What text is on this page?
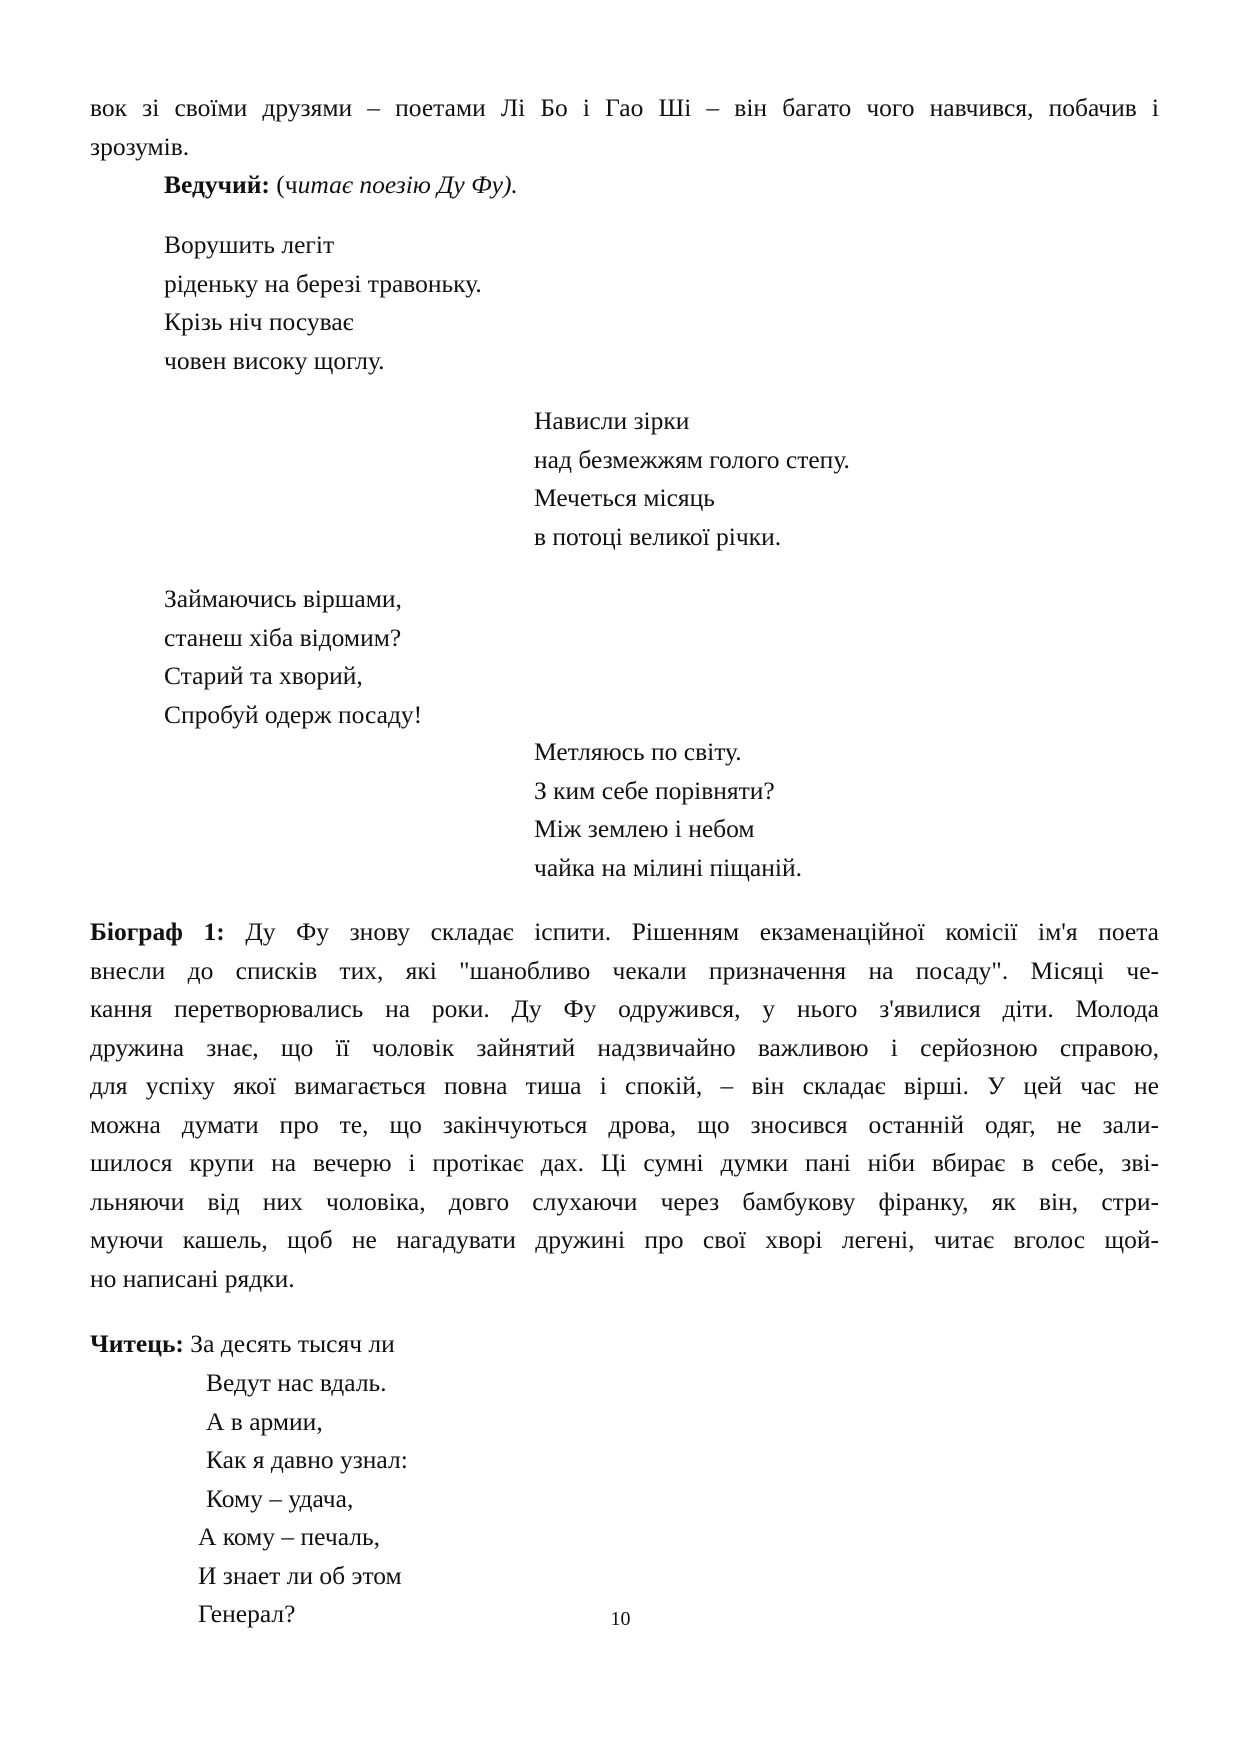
вок зі своїми друзями – поетами Лі Бо і Гао Ші – він багато чого навчився, побачив і
зрозумів.
Ведучий: (читає поезію Ду Фу).
Ворушить легіт
ріденьку на березі травоньку.
Крізь ніч посуває
човен високу щоглу.
Нависли зірки
над безмежжям голого степу.
Мечеться місяць
в потоці великої річки.
Займаючись віршами,
станеш хіба відомим?
Старий та хворий,
Спробуй одерж посаду!
Метляюсь по світу.
З ким себе порівняти?
Між землею і небом
чайка на мілині піщаній.
Біограф 1: Ду Фу знову складає іспити. Рішенням екзаменаційної комісії ім'я поета
внесли до списків тих, які "шанобливо чекали призначення на посаду". Місяці че-
кання перетворювались на роки. Ду Фу одружився, у нього з'явилися діти. Молода
дружина знає, що її чоловік зайнятий надзвичайно важливою і серйозною справою,
для успіху якої вимагається повна тиша і спокій, – він складає вірші. У цей час не
можна думати про те, що закінчуються дрова, що зносився останній одяг, не зали-
шилося крупи на вечерю і протікає дах. Ці сумні думки пані ніби вбирає в себе, зві-
льняючи від них чоловіка, довго слухаючи через бамбукову фіранку, як він, стри-
муючи кашель, щоб не нагадувати дружині про свої хворі легені, читає вголос щой-
но написані рядки.
Читець: За десять тысяч ли
Ведут нас вдаль.
А в армии,
Как я давно узнал:
Кому – удача,
А кому – печаль,
И знает ли об этом
Генерал?	10
